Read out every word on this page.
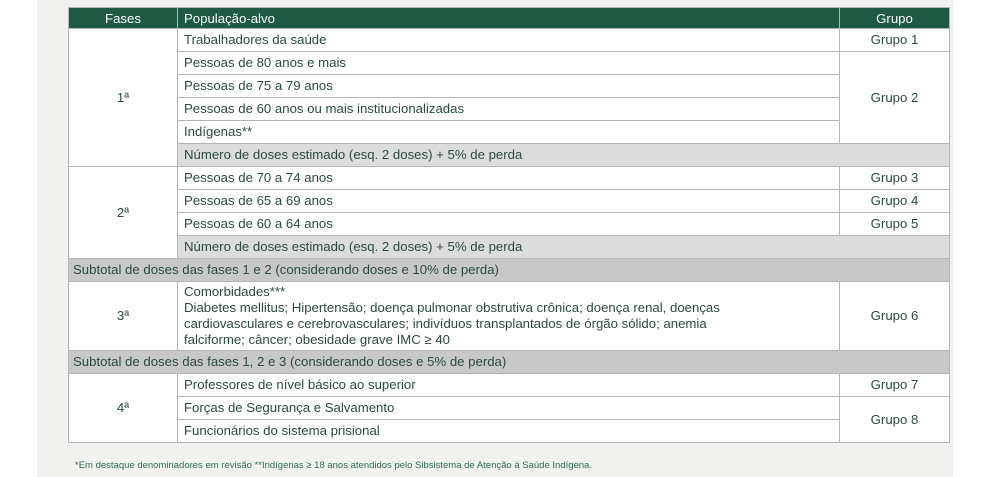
Fases	População-alvo	Grupo
1ª	Trabalhadores da saúde	Grupo 1
	Pessoas de 80 anos e mais	Grupo 2
	Pessoas de 75 a 79 anos	
	Pessoas de 60 anos ou mais institucionalizadas	
	Indígenas**	
	Número de doses estimado (esq. 2 doses) + 5% de perda	
2ª	Pessoas de 70 a 74 anos	Grupo 3
	Pessoas de 65 a 69 anos	Grupo 4
	Pessoas de 60 a 64 anos	Grupo 5
	Número de doses estimado (esq. 2 doses) + 5% de perda	
Subtotal de doses das fases 1 e 2 (considerando doses e 10% de perda)		
3ª	Comorbidades***
Diabetes mellitus; Hipertensão; doença pulmonar obstrutiva crônica; doença renal, doenças
cardiovasculares e cerebrovasculares; indivíduos transplantados de órgão sólido; anemia
falciforme; câncer; obesidade grave IMC ≥ 40	Grupo 6
Subtotal de doses das fases 1, 2 e 3 (considerando doses e 5% de perda)		
4ª	Professores de nível básico ao superior	Grupo 7
	Forças de Segurança e Salvamento	Grupo 8
	Funcionários do sistema prisional	
*Em destaque denominadores em revisão **Indígenas ≥ 18 anos atendidos pelo Sibsistema de Atenção à Saúde Indígena.
